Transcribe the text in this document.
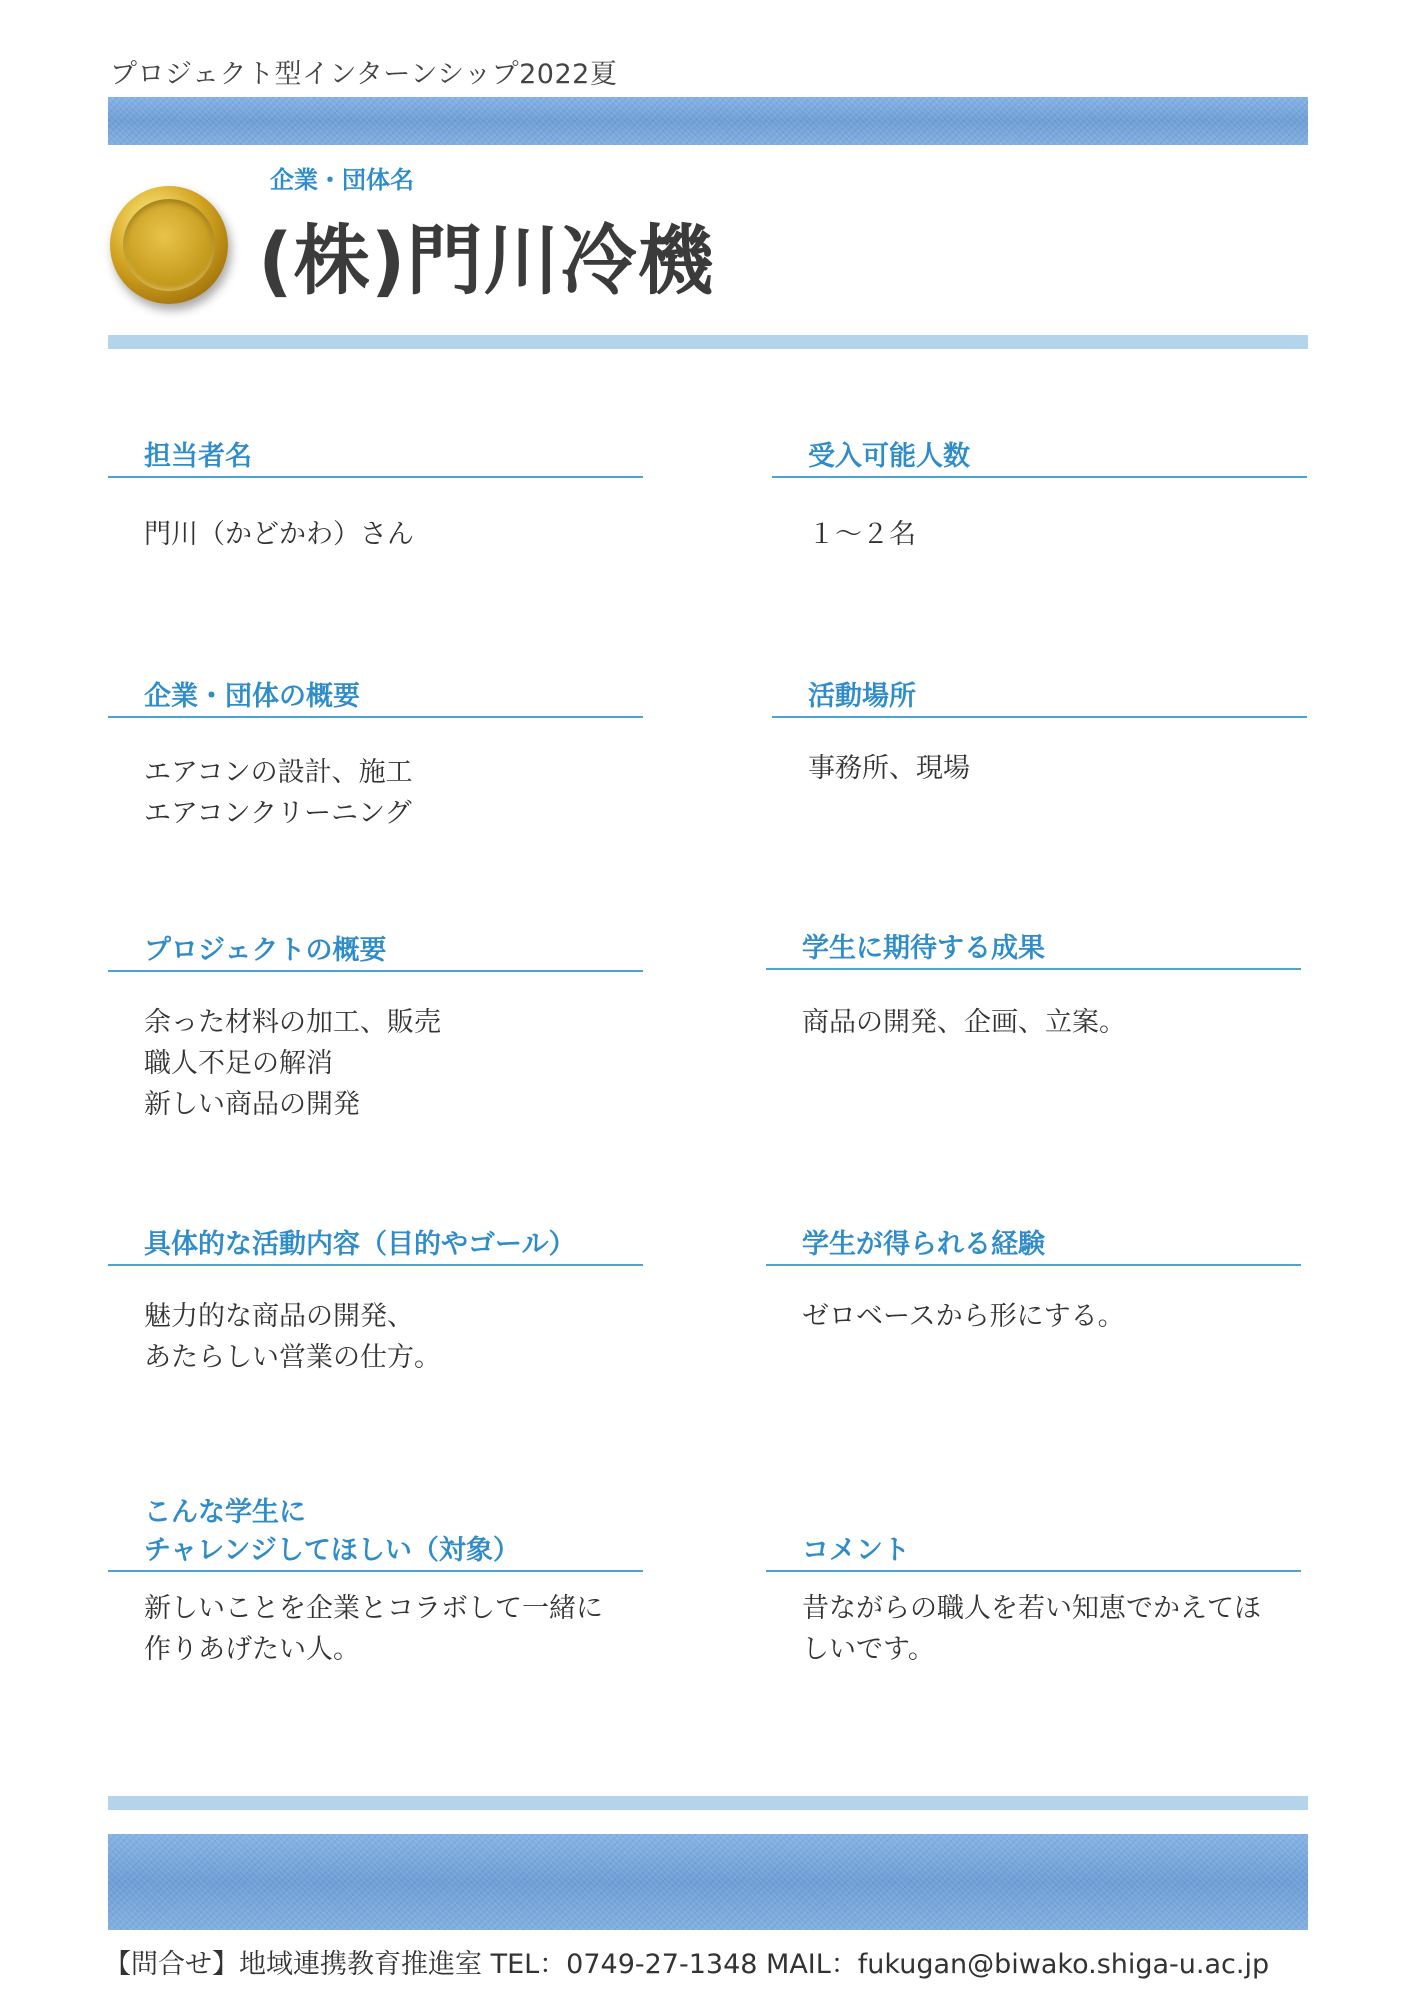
プロジェクト型インターンシップ2022夏
企業・団体名
(株)門川冷機
担当者名
門川（かどかわ）さん
受入可能人数
１～２名
企業・団体の概要
エアコンの設計、施工
エアコンクリーニング
活動場所
事務所、現場
プロジェクトの概要
余った材料の加工、販売
職人不足の解消
新しい商品の開発
学生に期待する成果
商品の開発、企画、立案。
具体的な活動内容（目的やゴール）
魅力的な商品の開発、
あたらしい営業の仕方。
学生が得られる経験
ゼロベースから形にする。
こんな学生に
チャレンジしてほしい（対象）
新しいことを企業とコラボして一緒に
作りあげたい人。
コメント
昔ながらの職人を若い知恵でかえてほ
しいです。
【問合せ】地域連携教育推進室 TEL：0749-27-1348 MAIL：fukugan@biwako.shiga-u.ac.jp
